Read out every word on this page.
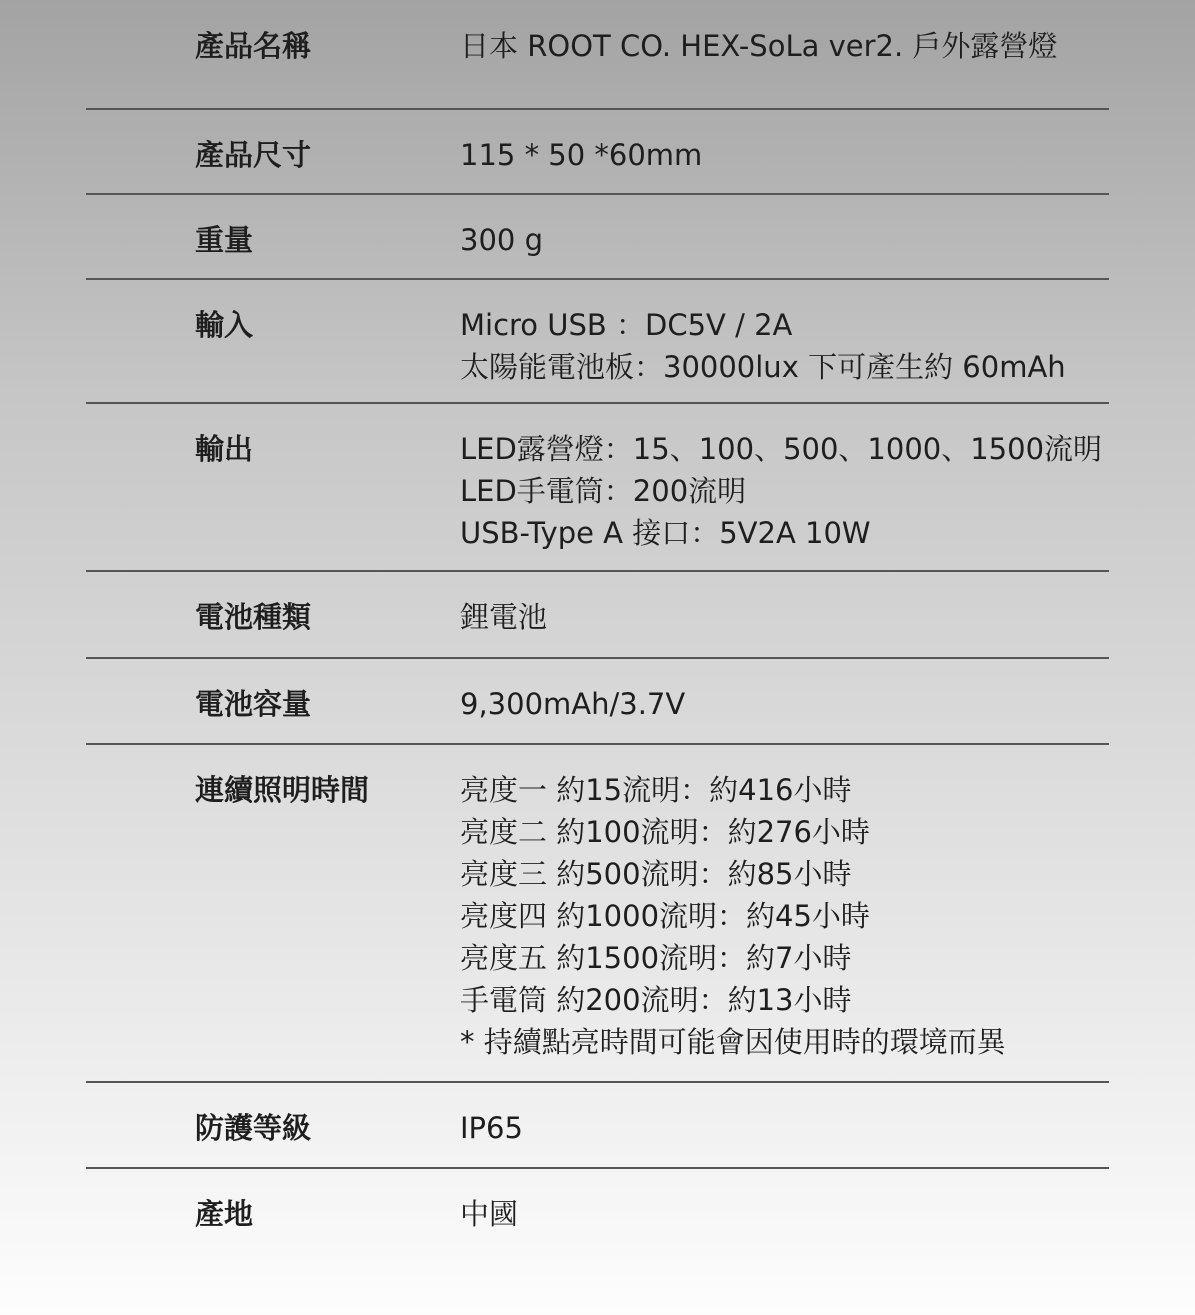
產品名稱	日本 ROOT CO. HEX-SoLa ver2. 戶外露營燈
產品尺寸	115 * 50 *60mm
重量	300 g
輸入	Micro USB ：DC5V / 2A
太陽能電池板：30000lux 下可產生約 60mAh
輸出	LED露營燈：15、100、500、1000、1500流明
LED手電筒：200流明
USB-Type A 接口：5V2A 10W
電池種類	鋰電池
電池容量	9,300mAh/3.7V
連續照明時間	亮度一 約15流明：約416小時
亮度二 約100流明：約276小時
亮度三 約500流明：約85小時
亮度四 約1000流明：約45小時
亮度五 約1500流明：約7小時
手電筒 約200流明：約13小時
* 持續點亮時間可能會因使用時的環境而異
防護等級	IP65
產地	中國
